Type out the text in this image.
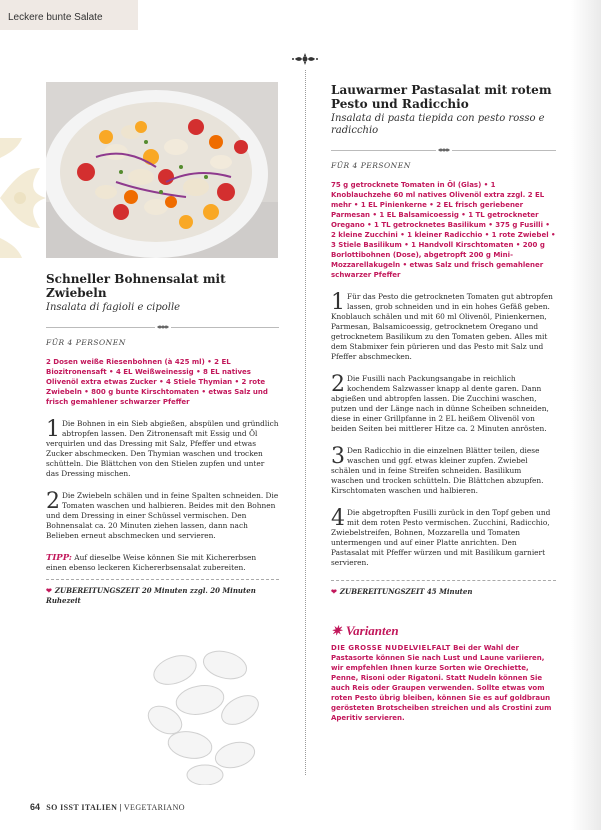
Leckere bunte Salate
Schneller Bohnensalat mit Zwiebeln
Insalata di fagioli e cipolle
FÜR 4 PERSONEN
2 Dosen weiße Riesenbohnen (à 425 ml) • 2 EL Biozitronensaft • 4 EL Weißweinessig • 8 EL natives Olivenöl extra etwas Zucker • 4 Stiele Thymian • 2 rote Zwiebeln • 800 g bunte Kirschtomaten • etwas Salz und frisch gemahlener schwarzer Pfeffer
1 Die Bohnen in ein Sieb abgießen, abspülen und gründlich abtropfen lassen. Den Zitronensaft mit Essig und Öl verquirlen und das Dressing mit Salz, Pfeffer und etwas Zucker abschmecken. Den Thymian waschen und trocken schütteln. Die Blättchen von den Stielen zupfen und unter das Dressing mischen.
2 Die Zwiebeln schälen und in feine Spalten schneiden. Die Tomaten waschen und halbieren. Beides mit den Bohnen und dem Dressing in einer Schüssel vermischen. Den Bohnensalat ca. 20 Minuten ziehen lassen, dann nach Belieben erneut abschmecken und servieren.
TIPP: Auf dieselbe Weise können Sie mit Kichererbsen einen ebenso leckeren Kichererbsensalat zubereiten.
❤ ZUBEREITUNGSZEIT 20 Minuten zzgl. 20 Minuten Ruhezeit
Lauwarmer Pastasalat mit rotem Pesto und Radicchio
Insalata di pasta tiepida con pesto rosso e radicchio
FÜR 4 PERSONEN
75 g getrocknete Tomaten in Öl (Glas) • 1 Knoblauchzehe 60 ml natives Olivenöl extra zzgl. 2 EL mehr • 1 EL Pinienkerne • 2 EL frisch geriebener Parmesan • 1 EL Balsamicoessig • 1 TL getrockneter Oregano • 1 TL getrocknetes Basilikum • 375 g Fusilli • 2 kleine Zucchini • 1 kleiner Radicchio • 1 rote Zwiebel • 3 Stiele Basilikum • 1 Handvoll Kirschtomaten • 200 g Borlottibohnen (Dose), abgetropft 200 g Mini-Mozzarellakugeln • etwas Salz und frisch gemahlener schwarzer Pfeffer
1 Für das Pesto die getrockneten Tomaten gut abtropfen lassen, grob schneiden und in ein hohes Gefäß geben. Knoblauch schälen und mit 60 ml Olivenöl, Pinienkernen, Parmesan, Balsamicoessig, getrocknetem Oregano und getrocknetem Basilikum zu den Tomaten geben. Alles mit dem Stabmixer fein pürieren und das Pesto mit Salz und Pfeffer abschmecken.
2 Die Fusilli nach Packungsangabe in reichlich kochendem Salzwasser knapp al dente garen. Dann abgießen und abtropfen lassen. Die Zucchini waschen, putzen und der Länge nach in dünne Scheiben schneiden, diese in einer Grillpfanne in 2 EL heißem Olivenöl von beiden Seiten bei mittlerer Hitze ca. 2 Minuten anrösten.
3 Den Radicchio in die einzelnen Blätter teilen, diese waschen und ggf. etwas kleiner zupfen. Zwiebel schälen und in feine Streifen schneiden. Basilikum waschen und trocken schütteln. Die Blättchen abzupfen. Kirschtomaten waschen und halbieren.
4 Die abgetropften Fusilli zurück in den Topf geben und mit dem roten Pesto vermischen. Zucchini, Radicchio, Zwiebelstreifen, Bohnen, Mozzarella und Tomaten untermengen und auf einer Platte anrichten. Den Pastasalat mit Pfeffer würzen und mit Basilikum garniert servieren.
❤ ZUBEREITUNGSZEIT 45 Minuten
✷ Varianten
DIE GROSSE NUDELVIELFALT Bei der Wahl der Pastasorte können Sie nach Lust und Laune variieren, wir empfehlen Ihnen kurze Sorten wie Orechiette, Penne, Risoni oder Rigatoni. Statt Nudeln können Sie auch Reis oder Graupen verwenden. Sollte etwas vom roten Pesto übrig bleiben, können Sie es auf goldbraun gerösteten Brotscheiben streichen und als Crostini zum Aperitiv servieren.
64 SO ISST ITALIEN | VEGETARIANO
